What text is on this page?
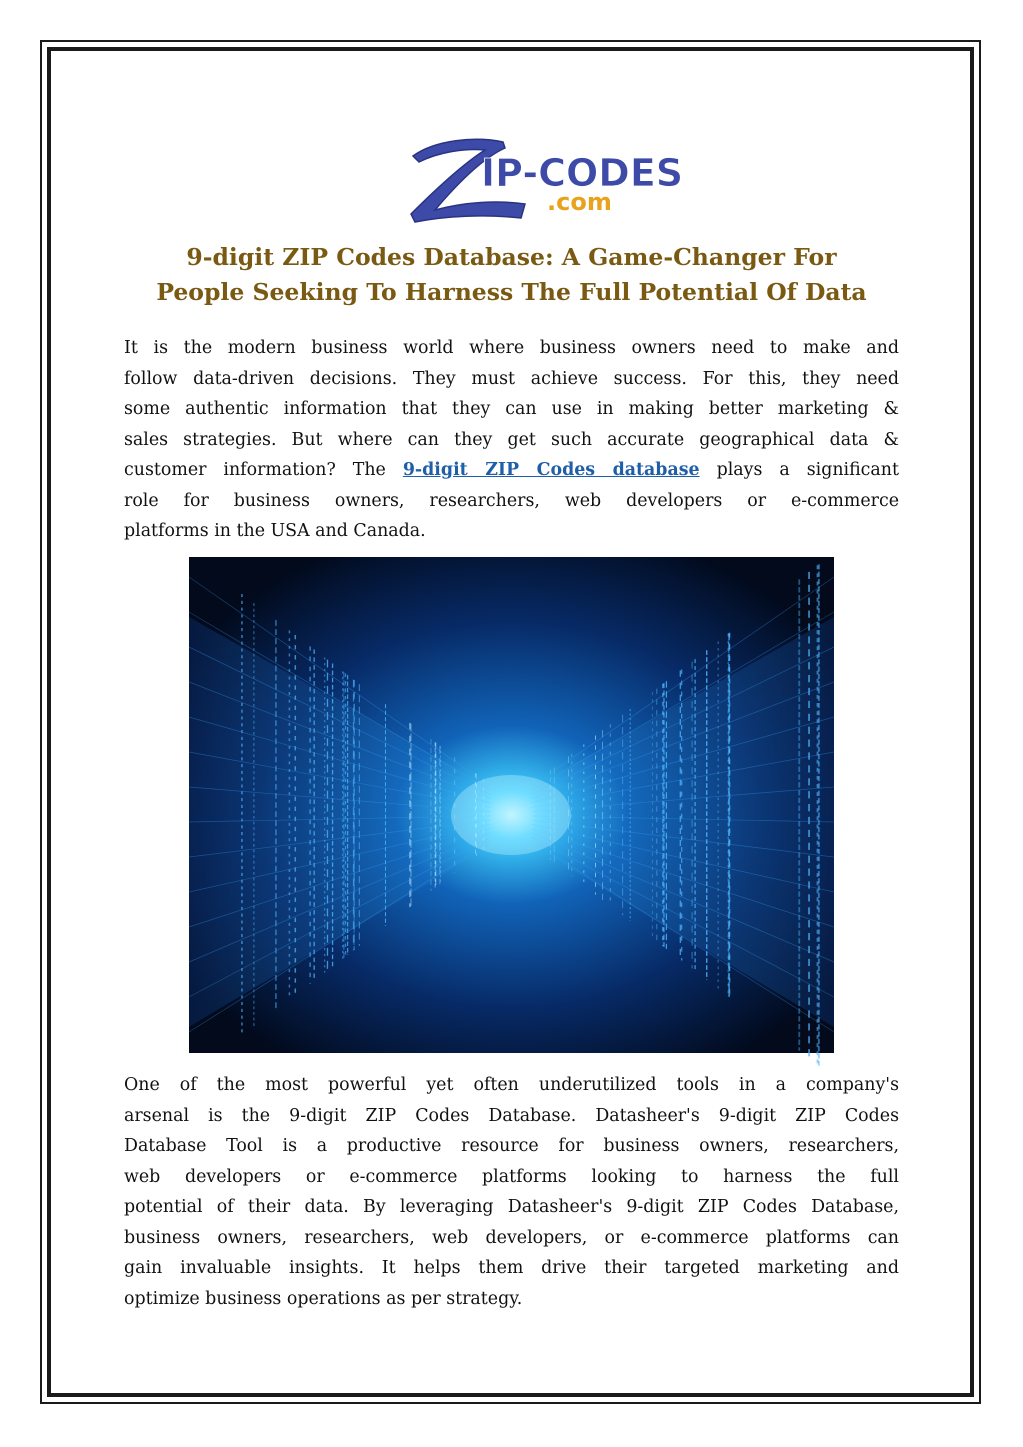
IP-CODES
.com
9-digit ZIP Codes Database: A Game-Changer For
People Seeking To Harness The Full Potential Of Data
It is the modern business world where business owners need to make and
follow data-driven decisions. They must achieve success. For this, they need
some authentic information that they can use in making better marketing &
sales strategies. But where can they get such accurate geographical data &
customer information? The 9-digit ZIP Codes database plays a significant
role for business owners, researchers, web developers or e-commerce
platforms in the USA and Canada.
One of the most powerful yet often underutilized tools in a company's
arsenal is the 9-digit ZIP Codes Database. Datasheer's 9-digit ZIP Codes
Database Tool is a productive resource for business owners, researchers,
web developers or e-commerce platforms looking to harness the full
potential of their data. By leveraging Datasheer's 9-digit ZIP Codes Database,
business owners, researchers, web developers, or e-commerce platforms can
gain invaluable insights. It helps them drive their targeted marketing and
optimize business operations as per strategy.
